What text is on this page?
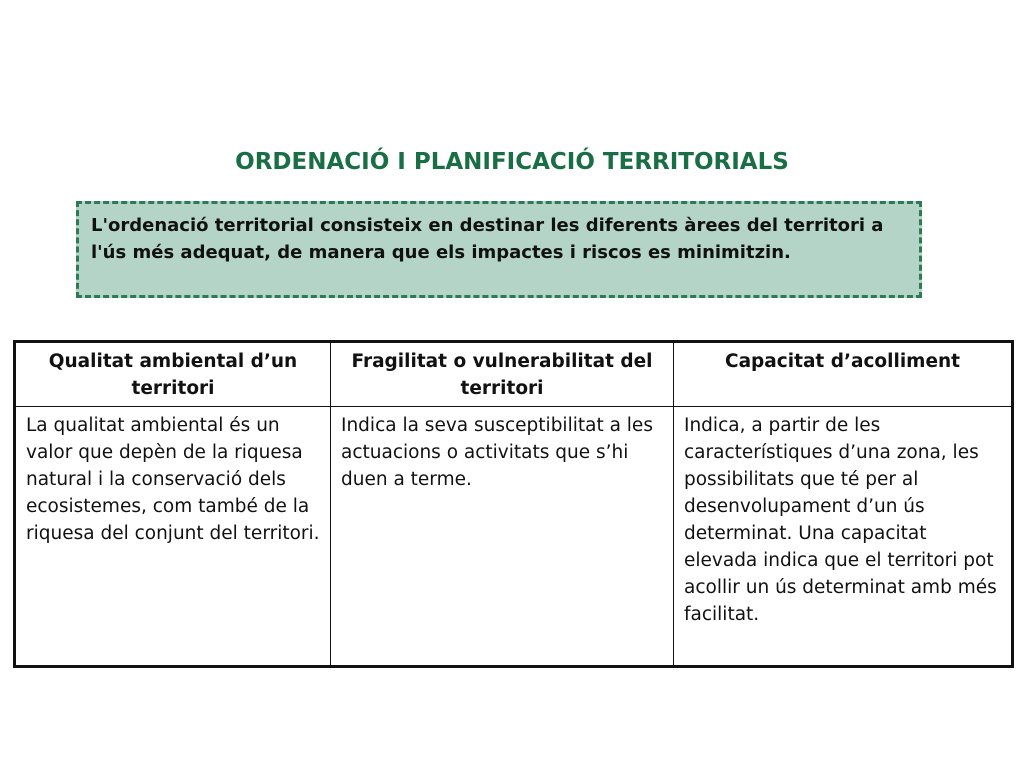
ORDENACIÓ I PLANIFICACIÓ TERRITORIALS

L'ordenació territorial consisteix en destinar les diferents àrees del territori a l'ús més adequat, de manera que els impactes i riscos es minimitzin.

Qualitat ambiental d’un territori	Fragilitat o vulnerabilitat del territori	Capacitat d’acolliment
La qualitat ambiental és un valor que depèn de la riquesa natural i la conservació dels ecosistemes, com també de la riquesa del conjunt del territori.	Indica la seva susceptibilitat a les actuacions o activitats que s’hi duen a terme.	Indica, a partir de les característiques d’una zona, les possibilitats que té per al desenvolupament d’un ús determinat. Una capacitat elevada indica que el territori pot acollir un ús determinat amb més facilitat.
